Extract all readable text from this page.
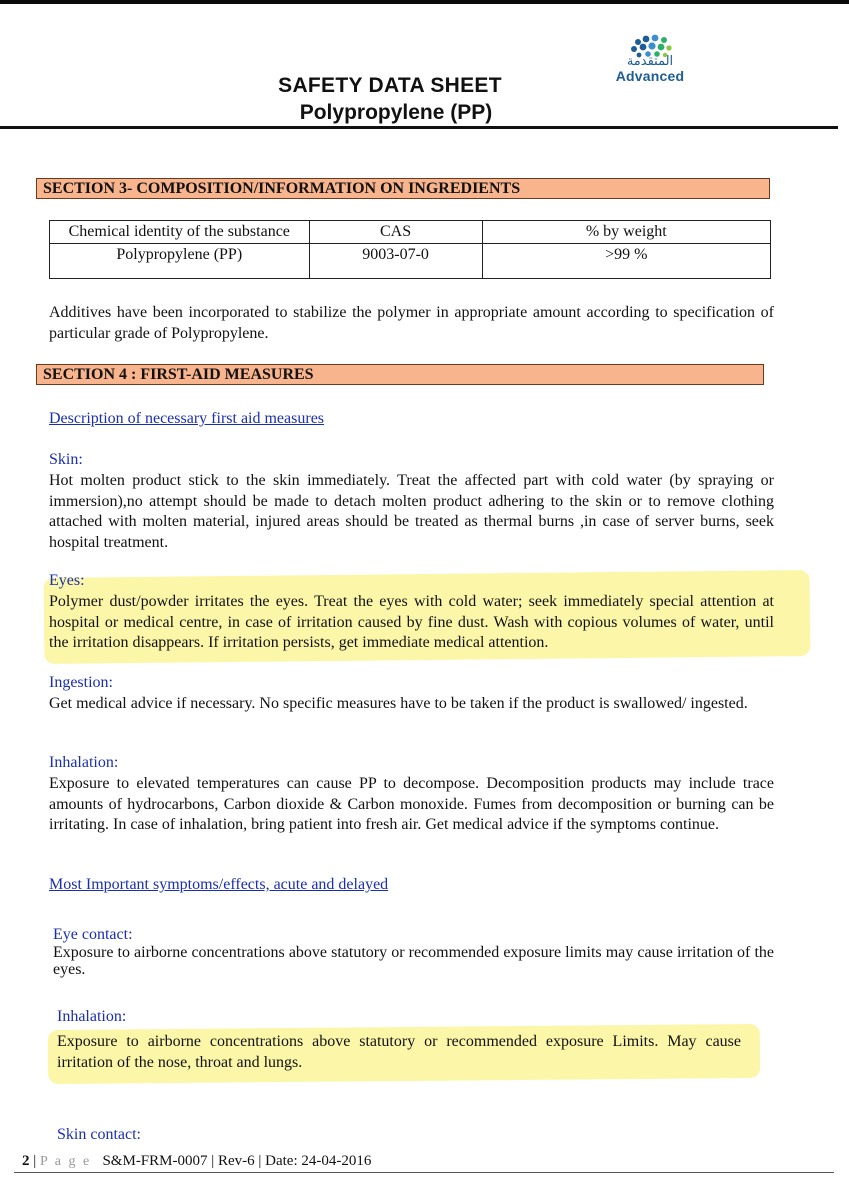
المتقدمة
Advanced
SAFETY DATA SHEET
Polypropylene (PP)
SECTION 3- COMPOSITION/INFORMATION ON INGREDIENTS
Chemical identity of the substance	CAS	% by weight
Polypropylene (PP)	9003-07-0	>99 %
Additives have been incorporated to stabilize the polymer in appropriate amount according to specification of particular grade of Polypropylene.
SECTION 4 : FIRST-AID MEASURES
Description of necessary first aid measures
Skin:
Hot molten product stick to the skin immediately. Treat the affected part with cold water (by spraying or immersion),no attempt should be made to detach molten product adhering to the skin or to remove clothing attached with molten material, injured areas should be treated as thermal burns ,in case of server burns, seek hospital treatment.
Eyes:
Polymer dust/powder irritates the eyes. Treat the eyes with cold water; seek immediately special attention at hospital or medical centre, in case of irritation caused by fine dust. Wash with copious volumes of water, until the irritation disappears. If irritation persists, get immediate medical attention.
Ingestion:
Get medical advice if necessary. No specific measures have to be taken if the product is swallowed/ ingested.
Inhalation:
Exposure to elevated temperatures can cause PP to decompose. Decomposition products may include trace amounts of hydrocarbons, Carbon dioxide & Carbon monoxide. Fumes from decomposition or burning can be irritating. In case of inhalation, bring patient into fresh air. Get medical advice if the symptoms continue.
Most Important symptoms/effects, acute and delayed
Eye contact:
Exposure to airborne concentrations above statutory or recommended exposure limits may cause irritation of the eyes.
Inhalation:
Exposure to airborne concentrations above statutory or recommended exposure Limits. May cause irritation of the nose, throat and lungs.
Skin contact:
2 | P a g e S&M-FRM-0007 | Rev-6 | Date: 24-04-2016
